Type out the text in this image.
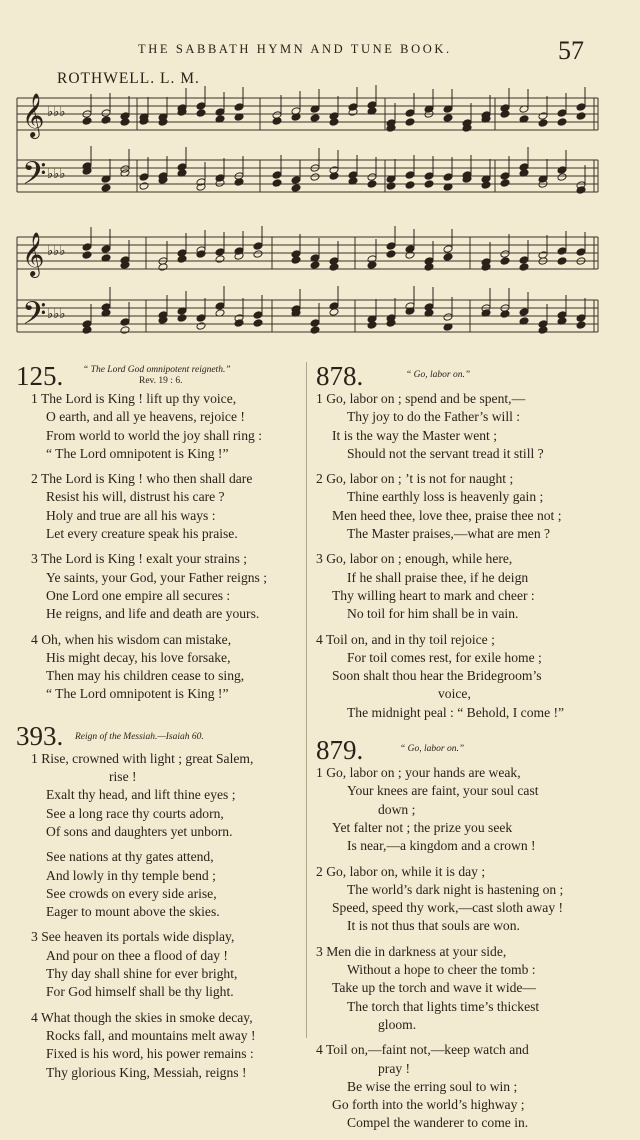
THE SABBATH HYMN AND TUNE BOOK.	57
ROTHWELL. L. M.
𝄞 ♭♭♭
𝄢 ♭♭♭
𝄞 ♭♭♭
𝄢 ♭♭♭
125. “ The Lord God omnipotent reigneth.”
Rev. 19 : 6.
1 The Lord is King ! lift up thy voice,
O earth, and all ye heavens, rejoice !
From world to world the joy shall ring :
“ The Lord omnipotent is King !”
2 The Lord is King ! who then shall dare
Resist his will, distrust his care ?
Holy and true are all his ways :
Let every creature speak his praise.
3 The Lord is King ! exalt your strains ;
Ye saints, your God, your Father reigns ;
One Lord one empire all secures :
He reigns, and life and death are yours.
4 Oh, when his wisdom can mistake,
His might decay, his love forsake,
Then may his children cease to sing,
“ The Lord omnipotent is King !”
393. Reign of the Messiah.—Isaiah 60.
1 Rise, crowned with light ; great Salem,
rise !
Exalt thy head, and lift thine eyes ;
See a long race thy courts adorn,
Of sons and daughters yet unborn.
See nations at thy gates attend,
And lowly in thy temple bend ;
See crowds on every side arise,
Eager to mount above the skies.
3 See heaven its portals wide display,
And pour on thee a flood of day !
Thy day shall shine for ever bright,
For God himself shall be thy light.
4 What though the skies in smoke decay,
Rocks fall, and mountains melt away !
Fixed is his word, his power remains :
Thy glorious King, Messiah, reigns !
878.	“ Go, labor on.”
1 Go, labor on ; spend and be spent,—
Thy joy to do the Father’s will :
It is the way the Master went ;
Should not the servant tread it still ?
2 Go, labor on ; ’t is not for naught ;
Thine earthly loss is heavenly gain ;
Men heed thee, love thee, praise thee not ;
The Master praises,—what are men ?
3 Go, labor on ; enough, while here,
If he shall praise thee, if he deign
Thy willing heart to mark and cheer :
No toil for him shall be in vain.
4 Toil on, and in thy toil rejoice ;
For toil comes rest, for exile home ;
Soon shalt thou hear the Bridegroom’s
voice,
The midnight peal : “ Behold, I come !”
879.	“ Go, labor on.”
1 Go, labor on ; your hands are weak,
Your knees are faint, your soul cast
down ;
Yet falter not ; the prize you seek
Is near,—a kingdom and a crown !
2 Go, labor on, while it is day ;
The world’s dark night is hastening on ;
Speed, speed thy work,—cast sloth away !
It is not thus that souls are won.
3 Men die in darkness at your side,
Without a hope to cheer the tomb :
Take up the torch and wave it wide—
The torch that lights time’s thickest
gloom.
4 Toil on,—faint not,—keep watch and
pray !
Be wise the erring soul to win ;
Go forth into the world’s highway ;
Compel the wanderer to come in.
